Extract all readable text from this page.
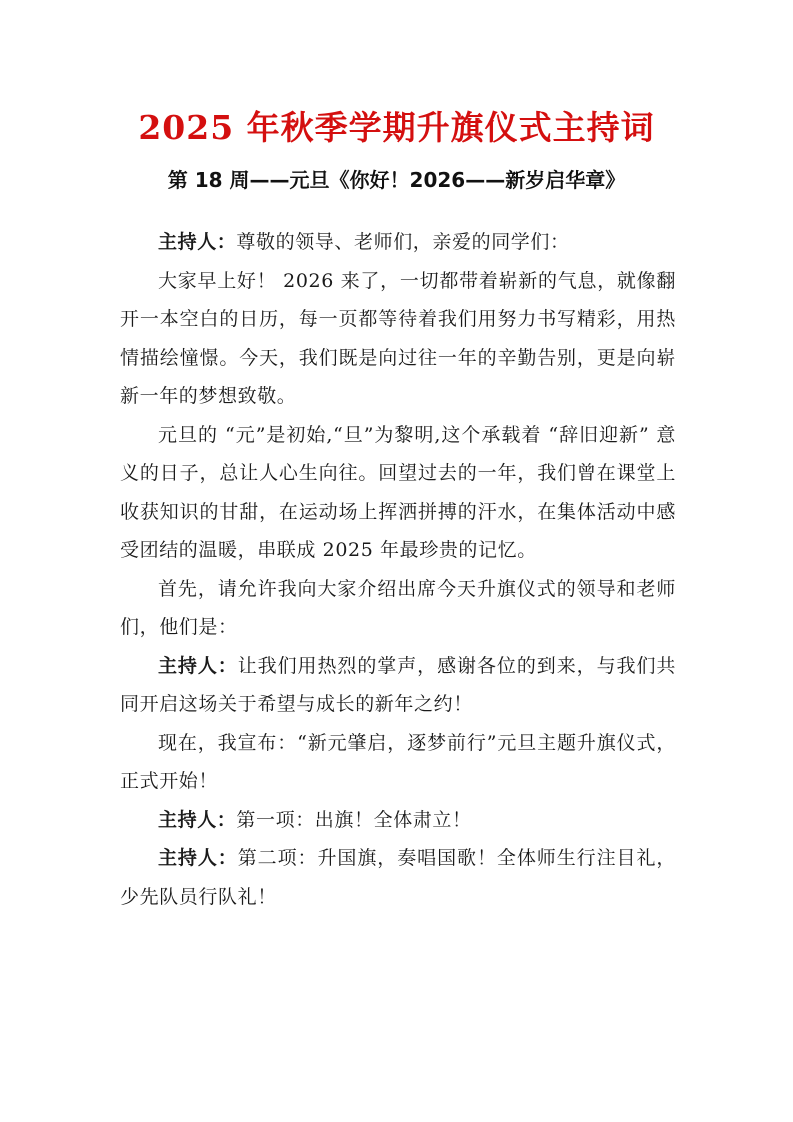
2025 年秋季学期升旗仪式主持词
第 18 周——元旦《你好！2026——新岁启华章》

主持人：尊敬的领导、老师们，亲爱的同学们：

大家早上好！ 2026 来了，一切都带着崭新的气息，就像翻开一本空白的日历，每一页都等待着我们用努力书写精彩，用热情描绘憧憬。今天，我们既是向过往一年的辛勤告别，更是向崭新一年的梦想致敬。

元旦的 “元”是初始,“旦”为黎明,这个承载着 “辞旧迎新” 意义的日子，总让人心生向往。回望过去的一年，我们曾在课堂上收获知识的甘甜，在运动场上挥洒拼搏的汗水，在集体活动中感受团结的温暖，串联成 2025 年最珍贵的记忆。

首先，请允许我向大家介绍出席今天升旗仪式的领导和老师们，他们是：

主持人：让我们用热烈的掌声，感谢各位的到来，与我们共同开启这场关于希望与成长的新年之约！

现在，我宣布：“新元肇启，逐梦前行”元旦主题升旗仪式，正式开始！

主持人：第一项：出旗！全体肃立！

主持人：第二项：升国旗，奏唱国歌！全体师生行注目礼，少先队员行队礼！
